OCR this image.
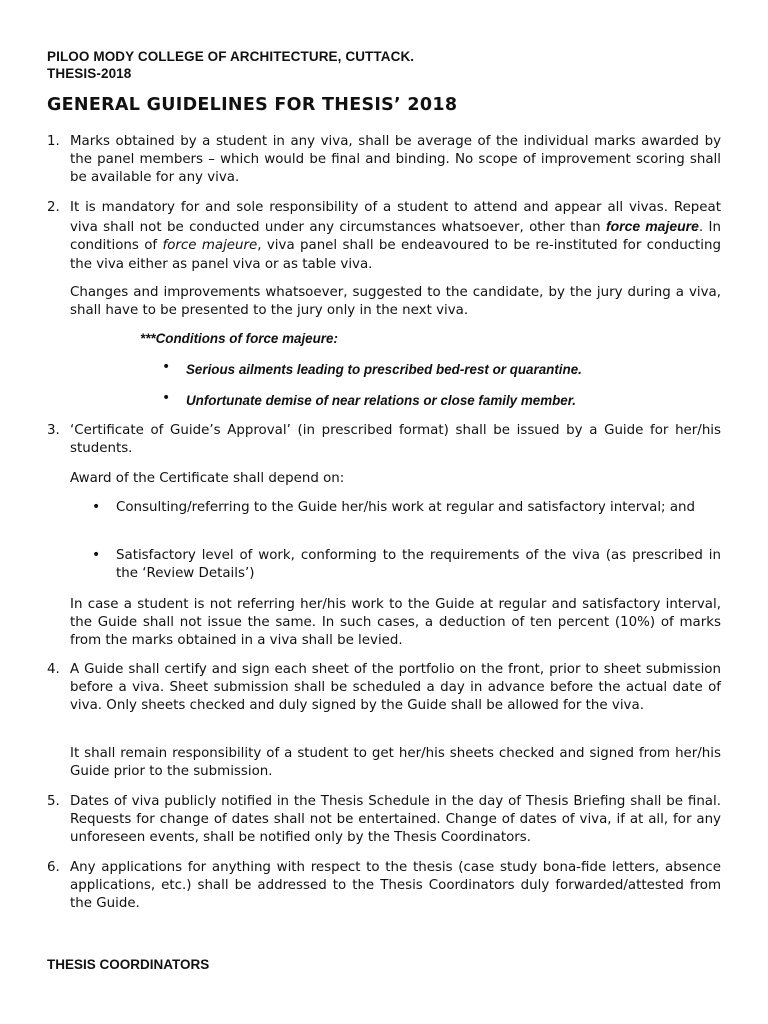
PILOO MODY COLLEGE OF ARCHITECTURE, CUTTACK.
THESIS-2018
GENERAL GUIDELINES FOR THESIS’ 2018
1. Marks obtained by a student in any viva, shall be average of the individual marks awarded by the panel members – which would be final and binding. No scope of improvement scoring shall be available for any viva.
2. It is mandatory for and sole responsibility of a student to attend and appear all vivas. Repeat viva shall not be conducted under any circumstances whatsoever, other than force majeure. In conditions of force majeure, viva panel shall be endeavoured to be re-instituted for conducting the viva either as panel viva or as table viva.
Changes and improvements whatsoever, suggested to the candidate, by the jury during a viva, shall have to be presented to the jury only in the next viva.
***Conditions of force majeure:
• Serious ailments leading to prescribed bed-rest or quarantine.
• Unfortunate demise of near relations or close family member.
3. ‘Certificate of Guide’s Approval’ (in prescribed format) shall be issued by a Guide for her/his students.
Award of the Certificate shall depend on:
• Consulting/referring to the Guide her/his work at regular and satisfactory interval; and
• Satisfactory level of work, conforming to the requirements of the viva (as prescribed in the ‘Review Details’)
In case a student is not referring her/his work to the Guide at regular and satisfactory interval, the Guide shall not issue the same. In such cases, a deduction of ten percent (10%) of marks from the marks obtained in a viva shall be levied.
4. A Guide shall certify and sign each sheet of the portfolio on the front, prior to sheet submission before a viva. Sheet submission shall be scheduled a day in advance before the actual date of viva. Only sheets checked and duly signed by the Guide shall be allowed for the viva.
It shall remain responsibility of a student to get her/his sheets checked and signed from her/his Guide prior to the submission.
5. Dates of viva publicly notified in the Thesis Schedule in the day of Thesis Briefing shall be final. Requests for change of dates shall not be entertained. Change of dates of viva, if at all, for any unforeseen events, shall be notified only by the Thesis Coordinators.
6. Any applications for anything with respect to the thesis (case study bona-fide letters, absence applications, etc.) shall be addressed to the Thesis Coordinators duly forwarded/attested from the Guide.
THESIS COORDINATORS
